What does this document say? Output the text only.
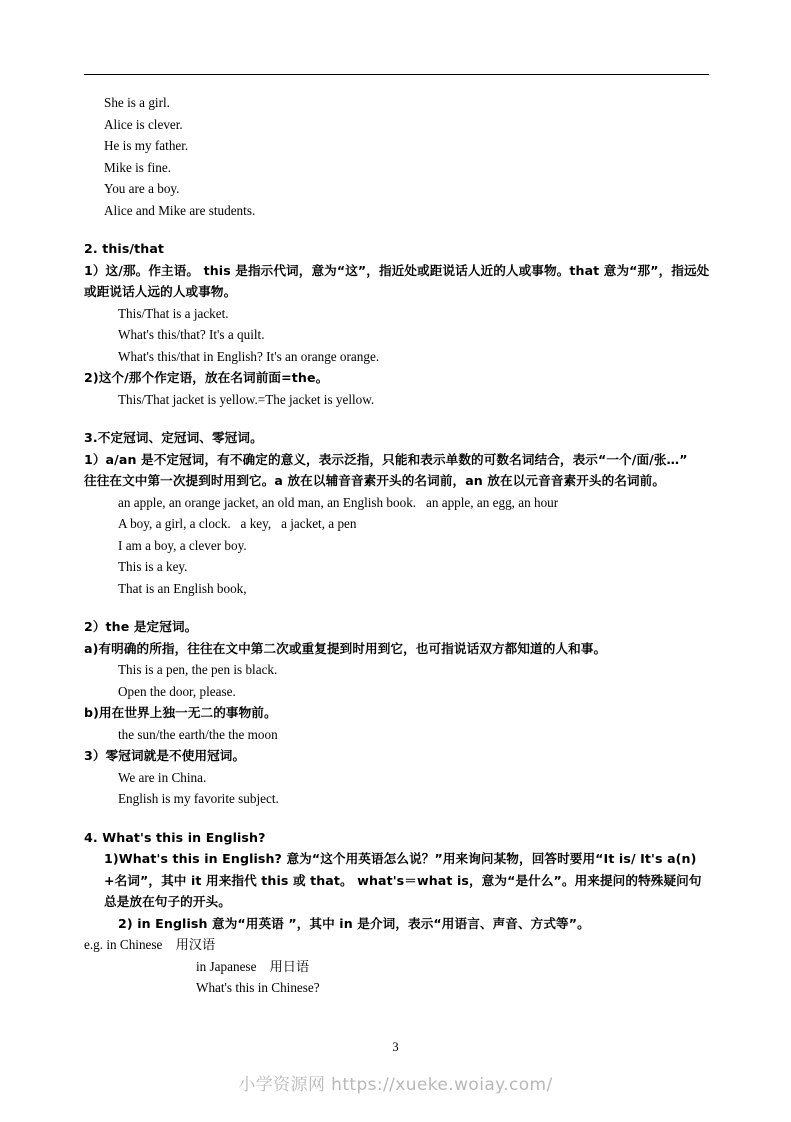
She is a girl.
Alice is clever.
He is my father.
Mike is fine.
You are a boy.
Alice and Mike are students.
2. this/that
1）这/那。作主语。 this 是指示代词，意为“这”，指近处或距说话人近的人或事物。that 意为“那”，指远处或距说话人远的人或事物。
This/That is a jacket.
What's this/that? It's a quilt.
What's this/that in English? It's an orange orange.
2)这个/那个作定语，放在名词前面=the。
This/That jacket is yellow.=The jacket is yellow.
3.不定冠词、定冠词、零冠词。
1）a/an 是不定冠词，有不确定的意义，表示泛指，只能和表示单数的可数名词结合，表示“一个/面/张…”
往往在文中第一次提到时用到它。a 放在以辅音音素开头的名词前，an 放在以元音音素开头的名词前。
an apple, an orange jacket, an old man, an English book.   an apple, an egg, an hour
A boy, a girl, a clock.   a key,   a jacket, a pen
I am a boy, a clever boy.
This is a key.
That is an English book,
2）the 是定冠词。
a)有明确的所指，往往在文中第二次或重复提到时用到它，也可指说话双方都知道的人和事。
This is a pen, the pen is black.
Open the door, please.
b)用在世界上独一无二的事物前。
the sun/the earth/the the moon
3）零冠词就是不使用冠词。
We are in China.
English is my favorite subject.
4. What's this in English?
1)What's this in English? 意为“这个用英语怎么说？”用来询问某物，回答时要用“It is/ It's a(n) +名词”，其中 it 用来指代 this 或 that。 what's＝what is，意为“是什么”。用来提问的特殊疑问句总是放在句子的开头。
2) in English 意为“用英语 ”，其中 in 是介词，表示“用语言、声音、方式等”。
e.g. in Chinese    用汉语
in Japanese    用日语
What's this in Chinese?
3
小学资源网 https://xueke.woiay.com/
